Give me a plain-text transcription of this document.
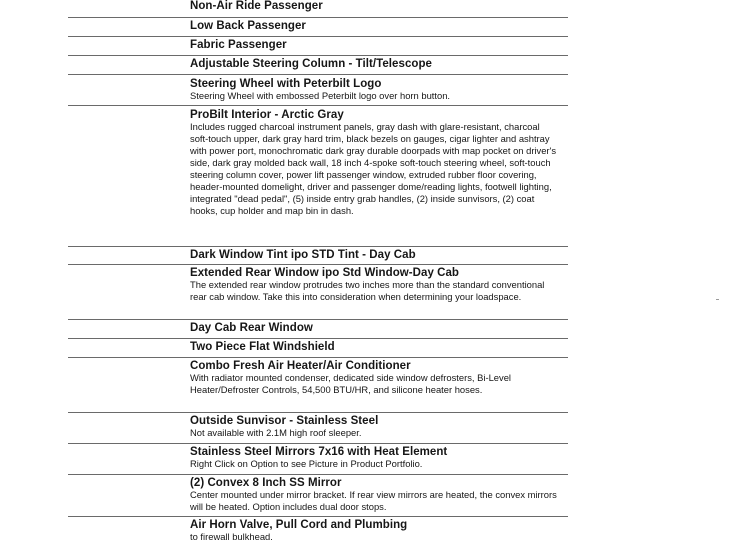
Non-Air Ride Passenger
Low Back Passenger
Fabric Passenger
Adjustable Steering Column - Tilt/Telescope
Steering Wheel with Peterbilt Logo
Steering Wheel with embossed Peterbilt logo over horn button.
ProBilt Interior - Arctic Gray
Includes rugged charcoal instrument panels, gray dash with glare-resistant, charcoal soft-touch upper, dark gray hard trim, black bezels on gauges, cigar lighter and ashtray with power port, monochromatic dark gray durable doorpads with map pocket on driver's side, dark gray molded back wall, 18 inch 4-spoke soft-touch steering wheel, soft-touch steering column cover, power lift passenger window, extruded rubber floor covering, header-mounted domelight, driver and passenger dome/reading lights, footwell lighting, integrated "dead pedal", (5) inside entry grab handles, (2) inside sunvisors, (2) coat hooks, cup holder and map bin in dash.
Dark Window Tint ipo STD Tint - Day Cab
Extended Rear Window ipo Std Window-Day Cab
The extended rear window protrudes two inches more than the standard conventional rear cab window. Take this into consideration when determining your loadspace.
Day Cab Rear Window
Two Piece Flat Windshield
Combo Fresh Air Heater/Air Conditioner
With radiator mounted condenser, dedicated side window defrosters, Bi-Level Heater/Defroster Controls, 54,500 BTU/HR, and silicone heater hoses.
Outside Sunvisor - Stainless Steel
Not available with 2.1M high roof sleeper.
Stainless Steel Mirrors 7x16 with Heat Element
Right Click on Option to see Picture in Product Portfolio.
(2) Convex 8 Inch SS Mirror
Center mounted under mirror bracket. If rear view mirrors are heated, the convex mirrors will be heated. Option includes dual door stops.
Air Horn Valve, Pull Cord and Plumbing
to firewall bulkhead.
